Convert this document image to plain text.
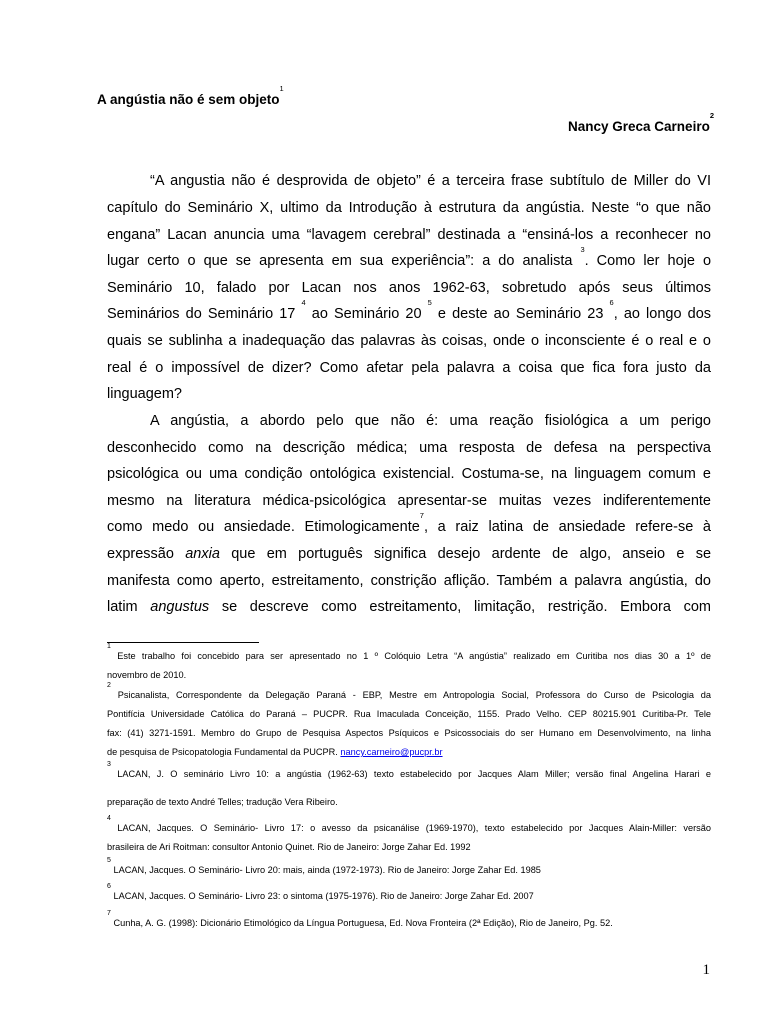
A angústia não é sem objeto$^1$
Nancy Greca Carneiro$^2$
“A angustia não é desprovida de objeto” é a terceira frase subtítulo de Miller do VI
capítulo do Seminário X, ultimo da Introdução à estrutura da angústia. Neste “o que não
engana” Lacan anuncia uma “lavagem cerebral” destinada a “ensiná-los a reconhecer no
lugar certo o que se apresenta em sua experiência”: a do analista $^3$. Como ler hoje o
Seminário 10, falado por Lacan nos anos 1962-63, sobretudo após seus últimos
Seminários do Seminário 17 $^4$ ao Seminário 20 $^5$ e deste ao Seminário 23 $^6$, ao longo dos
quais se sublinha a inadequação das palavras às coisas, onde o inconsciente é o real e o
real é o impossível de dizer? Como afetar pela palavra a coisa que fica fora justo da
linguagem?
A angústia, a abordo pelo que não é: uma reação fisiológica a um perigo
desconhecido como na descrição médica; uma resposta de defesa na perspectiva
psicológica ou uma condição ontológica existencial. Costuma-se, na linguagem comum e
mesmo na literatura médica-psicológica apresentar-se muitas vezes indiferentemente
como medo ou ansiedade. Etimologicamente$^7$, a raiz latina de ansiedade refere-se à
expressão anxia que em português significa desejo ardente de algo, anseio e se
manifesta como aperto, estreitamento, constrição aflição. Também a palavra angústia, do
latim angustus se descreve como estreitamento, limitação, restrição. Embora com
$^1$ Este trabalho foi concebido para ser apresentado no 1 º Colóquio Letra “A angústia” realizado em Curitiba nos dias 30 a 1º de
novembro de 2010.
$^2$ Psicanalista, Correspondente da Delegação Paraná - EBP, Mestre em Antropologia Social, Professora do Curso de Psicologia da
Pontifícia Universidade Católica do Paraná – PUCPR. Rua Imaculada Conceição, 1155. Prado Velho. CEP 80215.901 Curitiba-Pr. Tele
fax: (41) 3271-1591. Membro do Grupo de Pesquisa Aspectos Psíquicos e Psicossociais do ser Humano em Desenvolvimento, na linha
de pesquisa de Psicopatologia Fundamental da PUCPR. nancy.carneiro@pucpr.br
$^3$ LACAN, J. O seminário Livro 10: a angústia (1962-63) texto estabelecido por Jacques Alam Miller; versão final Angelina Harari e
preparação de texto André Telles; tradução Vera Ribeiro.
$^4$ LACAN, Jacques. O Seminário- Livro 17: o avesso da psicanálise (1969-1970), texto estabelecido por Jacques Alain-Miller: versão
brasileira de Ari Roitman: consultor Antonio Quinet. Rio de Janeiro: Jorge Zahar Ed. 1992
$^5$ LACAN, Jacques. O Seminário- Livro 20: mais, ainda (1972-1973). Rio de Janeiro: Jorge Zahar Ed. 1985
$^6$ LACAN, Jacques. O Seminário- Livro 23: o sintoma (1975-1976). Rio de Janeiro: Jorge Zahar Ed. 2007
$^7$ Cunha, A. G. (1998): Dicionário Etimológico da Língua Portuguesa, Ed. Nova Fronteira (2ª Edição), Rio de Janeiro, Pg. 52.
1
